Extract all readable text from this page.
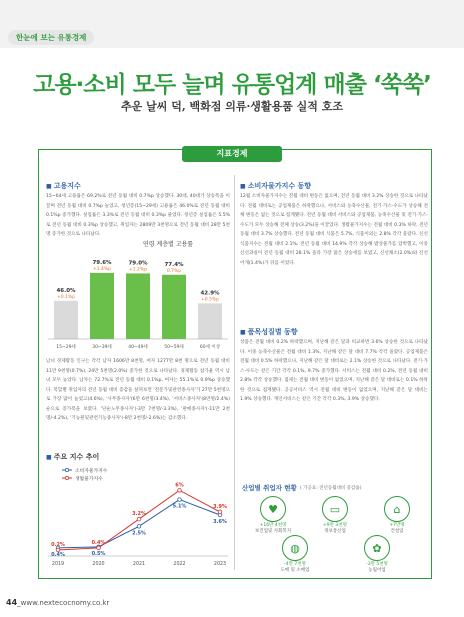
한눈에 보는 유통경제
고용·소비 모두 늘며 유통업계 매출 ‘쑥쑥’
추운 날씨 덕, 백화점 의류·생활용품 실적 호조
지표경제
■ 고용지수
15~64세 고용률은 69.2%로 전년 동월 대비 0.7%p 상승했다. 30대, 40대가 상승폭을 이끌며 전년 동월 대비 0.7%p 늘었고, 청년층(15~29세) 고용률은 46.0%로 전년 동월 대비 0.1%p 증가했다. 실업률은 3.3%로 전년 동월 대비 0.3%p 줄었다. 청년층 실업률은 5.5%로 전년 동월 대비 0.3%p 상승했고, 취업자는 2809만 3천명으로 전년 동월 대비 28만 5천 명 증가한 것으로 나타났다.
연령 계층별 고용률
46.0%
+0.1%p
15~29세
79.6%
+1.4%p
30~39세
79.0%
+1.2%p
40~49세
77.4%
0.7%p
50~59세
42.9%
+0.5%p
60세 이상
남녀 경제활동 인구는 각각 남자 1606만 8천명, 여자 1277만 8천 명으로 전년 동월 대비 11만 9천명(0.7%), 24만 5천명(2.0%) 증가한 것으로 나타났다. 경제활동 참가율 역시 남녀 모두 높았다. 남자는 72.7%로 전년 동월 대비 0.1%p, 여자는 55.1%로 0.9%p 상승했다. 복합별 취업자의 전년 동월 대비 증감을 살펴보면 '전문가및관련종사자'가 27만 5천명으로 가장 많이 늘었고(4.6%), '사무종사자'(6만 6천명/3.4%), '서비스종사자'(8만명/2.4%) 순으로 증가폭을 보였다. '단순노무종사자'(-3만 7천명/-3.3%), '판매종사자'(-11만 2천명/-4.2%), '기능원및관련기능종사자'(-8만 2천명/-2.6%)는 감소했다.
■ 주요 지수 추이
소비자물가지수
생활물가지수
2019	2020	2021	2022	2023
0.4%	0.5%
2.5%
5.1%
3.6%
0.2%	0.4%
3.2%
6%
3.9%
■ 소비자물가지수 동향
12월 소비자물가지수는 전월 대비 변동은 없으며, 전년 동월 대비 3.2% 상승한 것으로 나타났다. 전월 대비로는 공업제품은 하락했으나, 서비스와 농축수산물, 전기·가스·수도가 상승해 전체 변동은 없는 것으로 집계됐다. 전년 동월 대비 서비스와 공업제품, 농축수산물 및 전기·가스·수도가 모두 상승해 전체 상승(3.2%)을 이끌었다. 생활물가지수는 전월 대비 0.3% 하락, 전년 동월 대비 3.7% 상승했다. 전년 동월 대비 식품은 5.7%, 식품이외는 2.8% 각각 올랐다. 신선식품지수는 전월 대비 2.1%, 전년 동월 대비 14.9% 각각 상승해 밥상물가를 압박했고, 이중 신선과실이 전년 동월 대비 28.1% 올라 가장 많은 상승세를 보였고, 신선채소(2.0%)와 신선어개(1.4%)가 뒤를 이었다.
■ 품목성질별 동향
상품은 전월 대비 0.2% 하락했으며, 지난해 같은 달과 비교하면 3.6% 상승한 것으로 나타났다. 이중 농축수산물은 전월 대비 1.3%, 지난해 같은 달 대비 7.7% 각각 올랐다. 공업제품은 전월 대비 0.5% 하락했으나, 지난해 같은 달 대비로는 2.1% 상승한 것으로 나타났다. 전기·가스·수도는 같은 기간 각각 0.1%, 9.7% 증가했다. 서비스는 전월 대비 0.2%, 전년 동월 대비 2.8% 각각 상승했다. 집세는 전월 대비 변동이 없었으며, 지난해 같은 달 대비로는 0.1% 하락한 것으로 집계됐다. 공공서비스 역시 전월 대비 변동이 없었으며, 지난해 같은 달 대비는 1.9% 상승했다. 개인서비스는 같은 기간 각각 0.3%, 3.9% 상승했다.
산업별 취업자 현황 ( 가공표: 전년동월대비 증감률)
♥
+16만 4천명
보건업및 사회복지
▭
+9만 3천명
정보통신업
⌂
+7만명
건설업
◍
-4만 7천명
도매 및 소매업
✿
-3만 5천명
농림어업
44_www.nextecocnomy.co.kr
